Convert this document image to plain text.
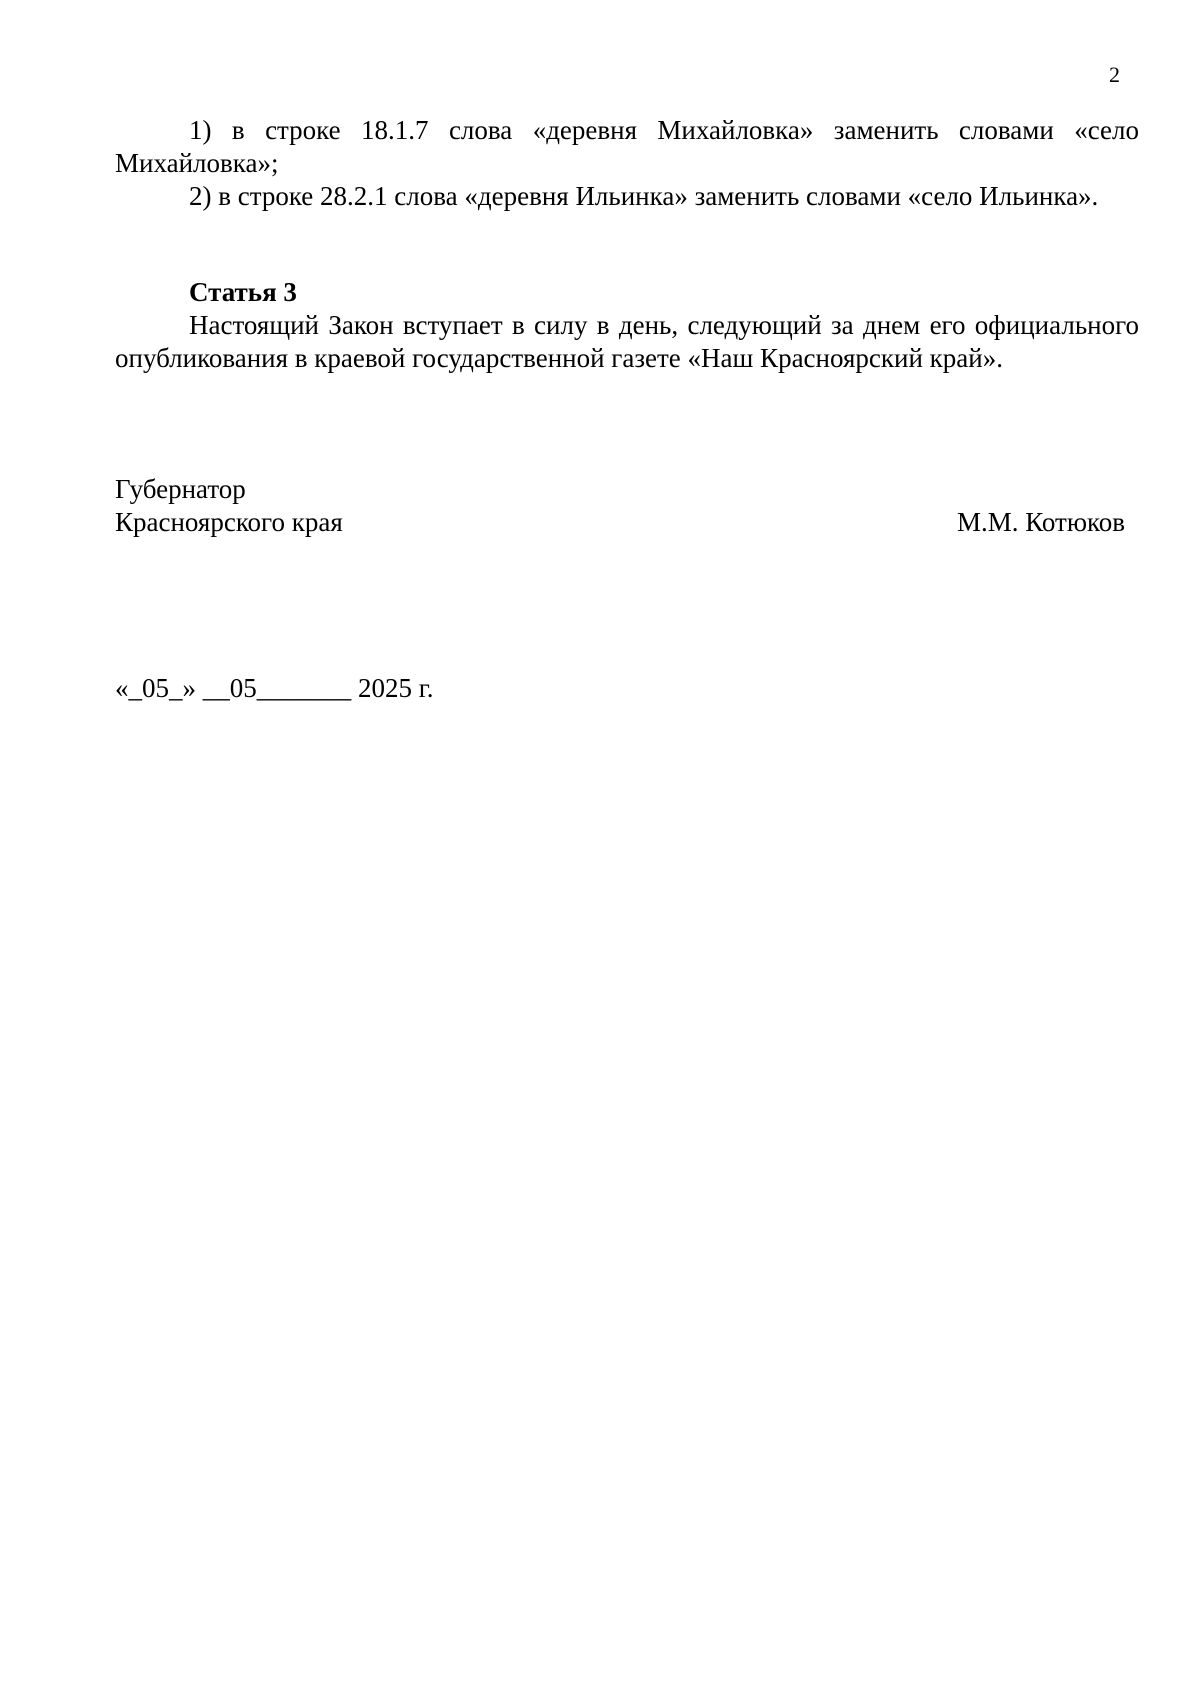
2

1) в строке 18.1.7 слова «деревня Михайловка» заменить словами «село Михайловка»;

2) в строке 28.2.1 слова «деревня Ильинка» заменить словами «село Ильинка».

Статья 3

Настоящий Закон вступает в силу в день, следующий за днем его официального опубликования в краевой государственной газете «Наш Красноярский край».

Губернатор

Красноярского края	М.М. Котюков
«_05_» __05_______ 2025 г.
